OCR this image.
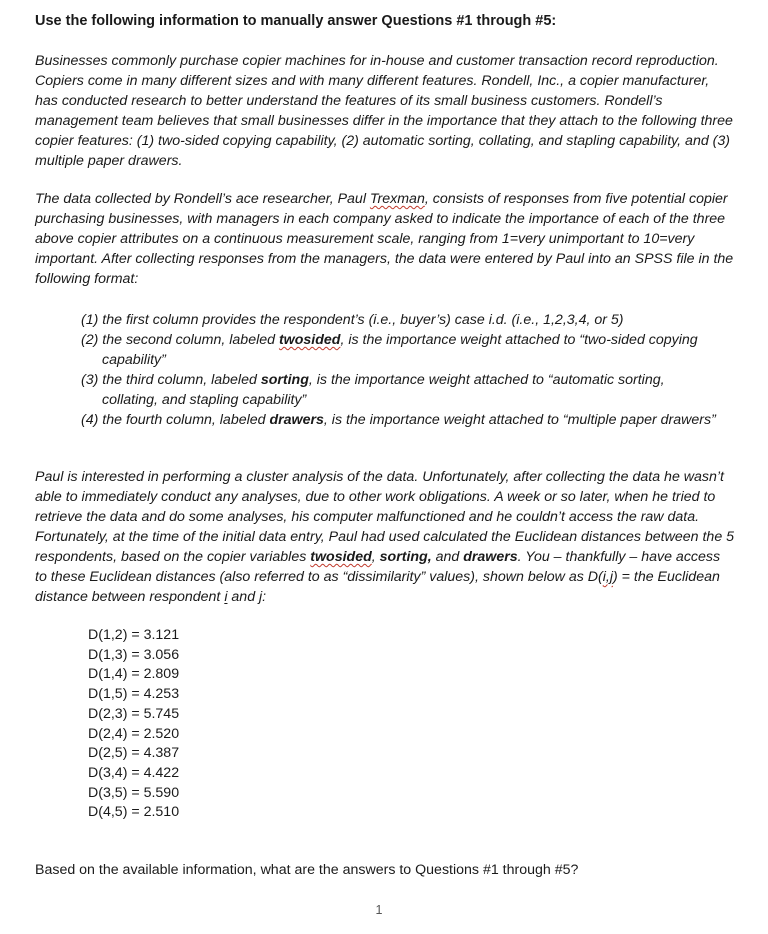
Use the following information to manually answer Questions #1 through #5:

Businesses commonly purchase copier machines for in-house and customer transaction record reproduction. Copiers come in many different sizes and with many different features. Rondell, Inc., a copier manufacturer, has conducted research to better understand the features of its small business customers. Rondell’s management team believes that small businesses differ in the importance that they attach to the following three copier features: (1) two-sided copying capability, (2) automatic sorting, collating, and stapling capability, and (3) multiple paper drawers.

The data collected by Rondell’s ace researcher, Paul Trexman, consists of responses from five potential copier purchasing businesses, with managers in each company asked to indicate the importance of each of the three above copier attributes on a continuous measurement scale, ranging from 1=very unimportant to 10=very important. After collecting responses from the managers, the data were entered by Paul into an SPSS file in the following format:

(1) the first column provides the respondent’s (i.e., buyer’s) case i.d. (i.e., 1,2,3,4, or 5)
(2) the second column, labeled twosided, is the importance weight attached to “two-sided copying capability”
(3) the third column, labeled sorting, is the importance weight attached to “automatic sorting, collating, and stapling capability”
(4) the fourth column, labeled drawers, is the importance weight attached to “multiple paper drawers”

Paul is interested in performing a cluster analysis of the data. Unfortunately, after collecting the data he wasn’t able to immediately conduct any analyses, due to other work obligations. A week or so later, when he tried to retrieve the data and do some analyses, his computer malfunctioned and he couldn’t access the raw data. Fortunately, at the time of the initial data entry, Paul had used calculated the Euclidean distances between the 5 respondents, based on the copier variables twosided, sorting, and drawers. You – thankfully – have access to these Euclidean distances (also referred to as “dissimilarity” values), shown below as D(i,j) = the Euclidean distance between respondent i and j:

D(1,2) = 3.121
D(1,3) = 3.056
D(1,4) = 2.809
D(1,5) = 4.253
D(2,3) = 5.745
D(2,4) = 2.520
D(2,5) = 4.387
D(3,4) = 4.422
D(3,5) = 5.590
D(4,5) = 2.510

Based on the available information, what are the answers to Questions #1 through #5?

1
